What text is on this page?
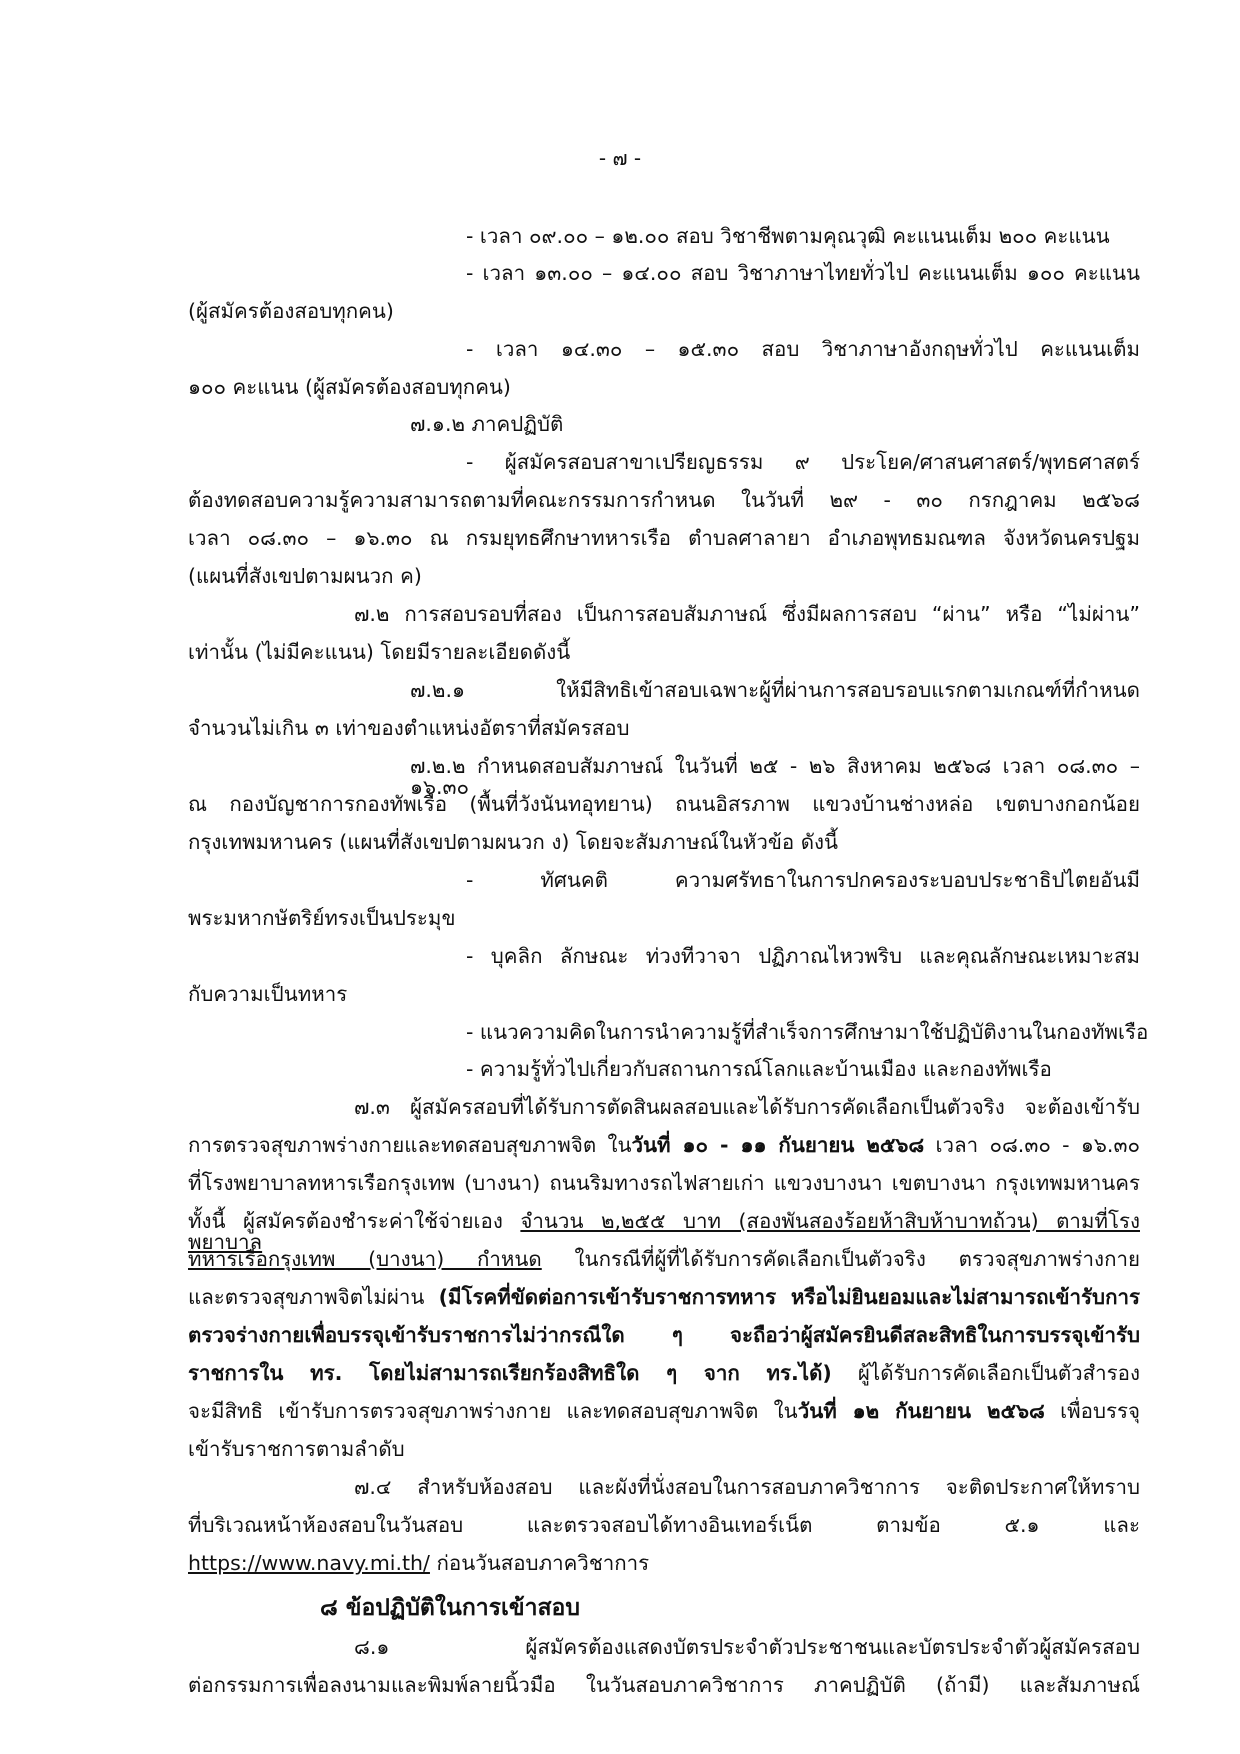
- ๗ -
- เวลา ๐๙.๐๐ – ๑๒.๐๐ สอบ วิชาชีพตามคุณวุฒิ คะแนนเต็ม ๒๐๐ คะแนน
- เวลา ๑๓.๐๐ – ๑๔.๐๐ สอบ วิชาภาษาไทยทั่วไป คะแนนเต็ม ๑๐๐ คะแนน
(ผู้สมัครต้องสอบทุกคน)
- เวลา ๑๔.๓๐ – ๑๕.๓๐ สอบ วิชาภาษาอังกฤษทั่วไป คะแนนเต็ม
๑๐๐ คะแนน (ผู้สมัครต้องสอบทุกคน)
๗.๑.๒ ภาคปฏิบัติ
- ผู้สมัครสอบสาขาเปรียญธรรม ๙ ประโยค/ศาสนศาสตร์/พุทธศาสตร์
ต้องทดสอบความรู้ความสามารถตามที่คณะกรรมการกำหนด ในวันที่ ๒๙ - ๓๐ กรกฎาคม ๒๕๖๘
เวลา ๐๘.๓๐ – ๑๖.๓๐ ณ กรมยุทธศึกษาทหารเรือ ตำบลศาลายา อำเภอพุทธมณฑล จังหวัดนครปฐม
(แผนที่สังเขปตามผนวก ค)
๗.๒ การสอบรอบที่สอง เป็นการสอบสัมภาษณ์ ซึ่งมีผลการสอบ “ผ่าน” หรือ “ไม่ผ่าน”
เท่านั้น (ไม่มีคะแนน) โดยมีรายละเอียดดังนี้
๗.๒.๑ ให้มีสิทธิเข้าสอบเฉพาะผู้ที่ผ่านการสอบรอบแรกตามเกณฑ์ที่กำหนด
จำนวนไม่เกิน ๓ เท่าของตำแหน่งอัตราที่สมัครสอบ
๗.๒.๒ กำหนดสอบสัมภาษณ์ ในวันที่ ๒๕ - ๒๖ สิงหาคม ๒๕๖๘ เวลา ๐๘.๓๐ – ๑๖.๓๐
ณ กองบัญชาการกองทัพเรือ (พื้นที่วังนันทอุทยาน) ถนนอิสรภาพ แขวงบ้านช่างหล่อ เขตบางกอกน้อย
กรุงเทพมหานคร (แผนที่สังเขปตามผนวก ง) โดยจะสัมภาษณ์ในหัวข้อ ดังนี้
- ทัศนคติ ความศรัทธาในการปกครองระบอบประชาธิปไตยอันมี
พระมหากษัตริย์ทรงเป็นประมุข
- บุคลิก ลักษณะ ท่วงทีวาจา ปฏิภาณไหวพริบ และคุณลักษณะเหมาะสม
กับความเป็นทหาร
- แนวความคิดในการนำความรู้ที่สำเร็จการศึกษามาใช้ปฏิบัติงานในกองทัพเรือ
- ความรู้ทั่วไปเกี่ยวกับสถานการณ์โลกและบ้านเมือง และกองทัพเรือ
๗.๓ ผู้สมัครสอบที่ได้รับการตัดสินผลสอบและได้รับการคัดเลือกเป็นตัวจริง จะต้องเข้ารับ
การตรวจสุขภาพร่างกายและทดสอบสุขภาพจิต ในวันที่ ๑๐ - ๑๑ กันยายน ๒๕๖๘ เวลา ๐๘.๓๐ - ๑๖.๓๐
ที่โรงพยาบาลทหารเรือกรุงเทพ (บางนา) ถนนริมทางรถไฟสายเก่า แขวงบางนา เขตบางนา กรุงเทพมหานคร
ทั้งนี้ ผู้สมัครต้องชำระค่าใช้จ่ายเอง จำนวน ๒,๒๕๕ บาท (สองพันสองร้อยห้าสิบห้าบาทถ้วน) ตามที่โรงพยาบาล
ทหารเรือกรุงเทพ (บางนา) กำหนด ในกรณีที่ผู้ที่ได้รับการคัดเลือกเป็นตัวจริง ตรวจสุขภาพร่างกาย
และตรวจสุขภาพจิตไม่ผ่าน (มีโรคที่ขัดต่อการเข้ารับราชการทหาร หรือไม่ยินยอมและไม่สามารถเข้ารับการ
ตรวจร่างกายเพื่อบรรจุเข้ารับราชการไม่ว่ากรณีใด ๆ จะถือว่าผู้สมัครยินดีสละสิทธิในการบรรจุเข้ารับ
ราชการใน ทร. โดยไม่สามารถเรียกร้องสิทธิใด ๆ จาก ทร.ได้) ผู้ได้รับการคัดเลือกเป็นตัวสำรอง
จะมีสิทธิ เข้ารับการตรวจสุขภาพร่างกาย และทดสอบสุขภาพจิต ในวันที่ ๑๒ กันยายน ๒๕๖๘ เพื่อบรรจุ
เข้ารับราชการตามลำดับ
๗.๔ สำหรับห้องสอบ และผังที่นั่งสอบในการสอบภาควิชาการ จะติดประกาศให้ทราบ
ที่บริเวณหน้าห้องสอบในวันสอบ และตรวจสอบได้ทางอินเทอร์เน็ต ตามข้อ ๕.๑ และ
https://www.navy.mi.th/ ก่อนวันสอบภาควิชาการ
๘ ข้อปฏิบัติในการเข้าสอบ
๘.๑ ผู้สมัครต้องแสดงบัตรประจำตัวประชาชนและบัตรประจำตัวผู้สมัครสอบ
ต่อกรรมการเพื่อลงนามและพิมพ์ลายนิ้วมือ ในวันสอบภาควิชาการ ภาคปฏิบัติ (ถ้ามี) และสัมภาษณ์
